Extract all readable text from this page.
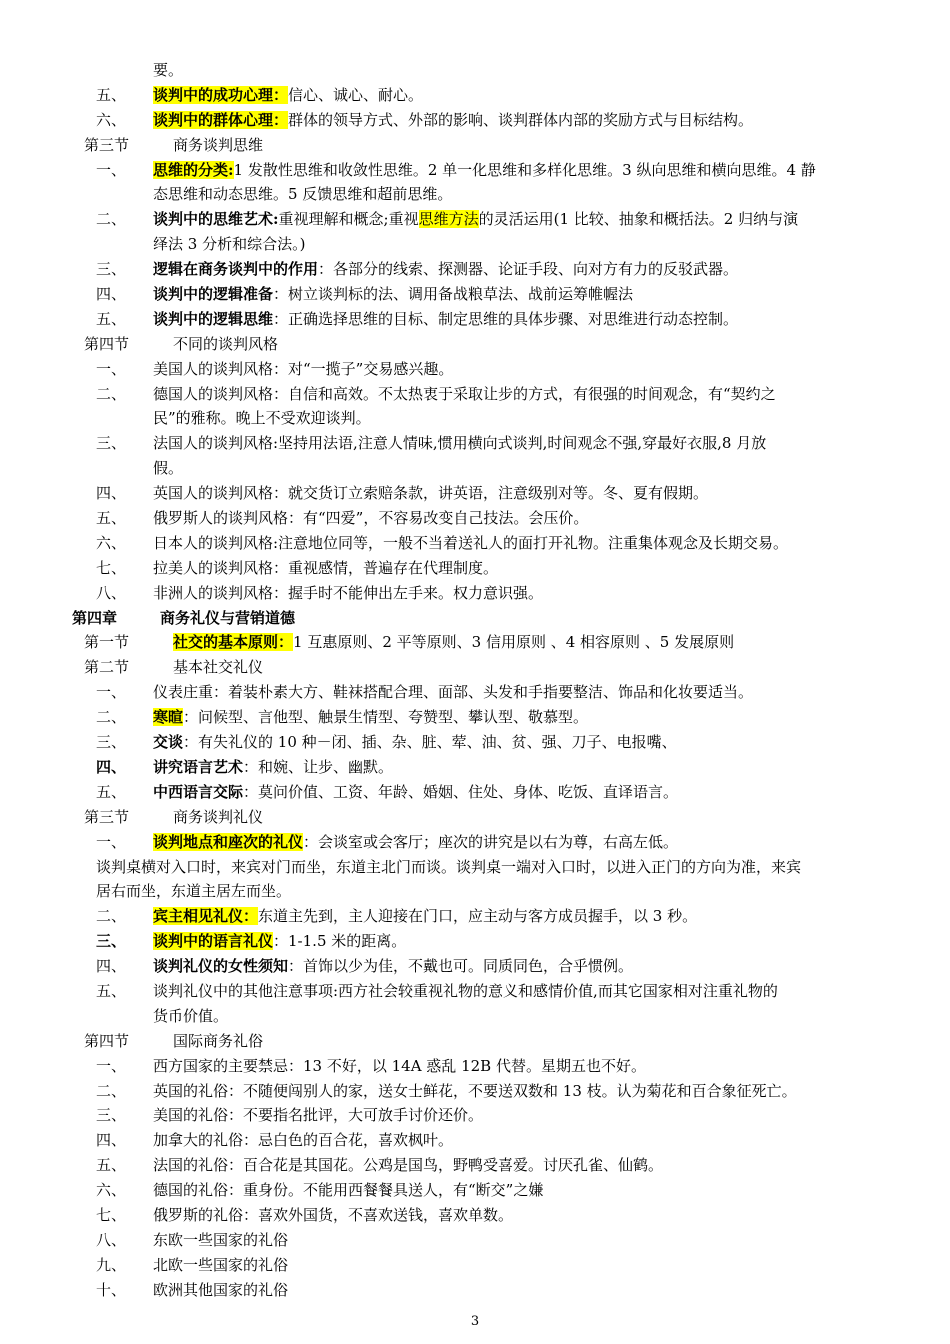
要。
五、 谈判中的成功心理：信心、诚心、耐心。
六、 谈判中的群体心理：群体的领导方式、外部的影响、谈判群体内部的奖励方式与目标结构。
第三节	商务谈判思维
一、 思维的分类:1 发散性思维和收敛性思维。2 单一化思维和多样化思维。3 纵向思维和横向思维。4 静
态思维和动态思维。5 反馈思维和超前思维。
二、 谈判中的思维艺术:重视理解和概念;重视思维方法的灵活运用(1 比较、抽象和概括法。2 归纳与演
绎法 3 分析和综合法。)
三、 逻辑在商务谈判中的作用：各部分的线索、探测器、论证手段、向对方有力的反驳武器。
四、 谈判中的逻辑准备：树立谈判标的法、调用备战粮草法、战前运筹帷幄法
五、 谈判中的逻辑思维：正确选择思维的目标、制定思维的具体步骤、对思维进行动态控制。
第四节	不同的谈判风格
一、 美国人的谈判风格：对“一揽子”交易感兴趣。
二、 德国人的谈判风格：自信和高效。不太热衷于采取让步的方式，有很强的时间观念，有“契约之
民”的雅称。晚上不受欢迎谈判。
三、 法国人的谈判风格:坚持用法语,注意人情味,惯用横向式谈判,时间观念不强,穿最好衣服,8 月放
假。
四、 英国人的谈判风格：就交货订立索赔条款，讲英语，注意级别对等。冬、夏有假期。
五、 俄罗斯人的谈判风格：有“四爱”，不容易改变自己技法。会压价。
六、 日本人的谈判风格:注意地位同等，一般不当着送礼人的面打开礼物。注重集体观念及长期交易。
七、 拉美人的谈判风格：重视感情，普遍存在代理制度。
八、 非洲人的谈判风格：握手时不能伸出左手来。权力意识强。
第四章	商务礼仪与营销道德
第一节	社交的基本原则：1 互惠原则、2 平等原则、3 信用原则 、4 相容原则 、5 发展原则
第二节	基本社交礼仪
一、 仪表庄重：着装朴素大方、鞋袜搭配合理、面部、头发和手指要整洁、饰品和化妆要适当。
二、 寒暄：问候型、言他型、触景生情型、夸赞型、攀认型、敬慕型。
三、 交谈：有失礼仪的 10 种－闭、插、杂、脏、荤、油、贫、强、刀子、电报嘴、
四、 讲究语言艺术：和婉、让步、幽默。
五、 中西语言交际：莫问价值、工资、年龄、婚姻、住处、身体、吃饭、直译语言。
第三节	商务谈判礼仪
一、 谈判地点和座次的礼仪：会谈室或会客厅；座次的讲究是以右为尊，右高左低。
谈判桌横对入口时，来宾对门而坐，东道主北门而谈。谈判桌一端对入口时，以进入正门的方向为准，来宾
居右而坐，东道主居左而坐。
二、 宾主相见礼仪：东道主先到，主人迎接在门口，应主动与客方成员握手，以 3 秒。
三、 谈判中的语言礼仪：1-1.5 米的距离。
四、 谈判礼仪的女性须知：首饰以少为佳，不戴也可。同质同色，合乎惯例。
五、 谈判礼仪中的其他注意事项:西方社会较重视礼物的意义和感情价值,而其它国家相对注重礼物的
货币价值。
第四节	国际商务礼俗
一、 西方国家的主要禁忌：13 不好，以 14A 惑乱 12B 代替。星期五也不好。
二、 英国的礼俗：不随便闯别人的家，送女士鲜花，不要送双数和 13 枝。认为菊花和百合象征死亡。
三、 美国的礼俗：不要指名批评，大可放手讨价还价。
四、 加拿大的礼俗：忌白色的百合花，喜欢枫叶。
五、 法国的礼俗：百合花是其国花。公鸡是国鸟，野鸭受喜爱。讨厌孔雀、仙鹤。
六、 德国的礼俗：重身份。不能用西餐餐具送人，有“断交”之嫌
七、 俄罗斯的礼俗：喜欢外国货，不喜欢送钱，喜欢单数。
八、 东欧一些国家的礼俗
九、 北欧一些国家的礼俗
十、 欧洲其他国家的礼俗
3
